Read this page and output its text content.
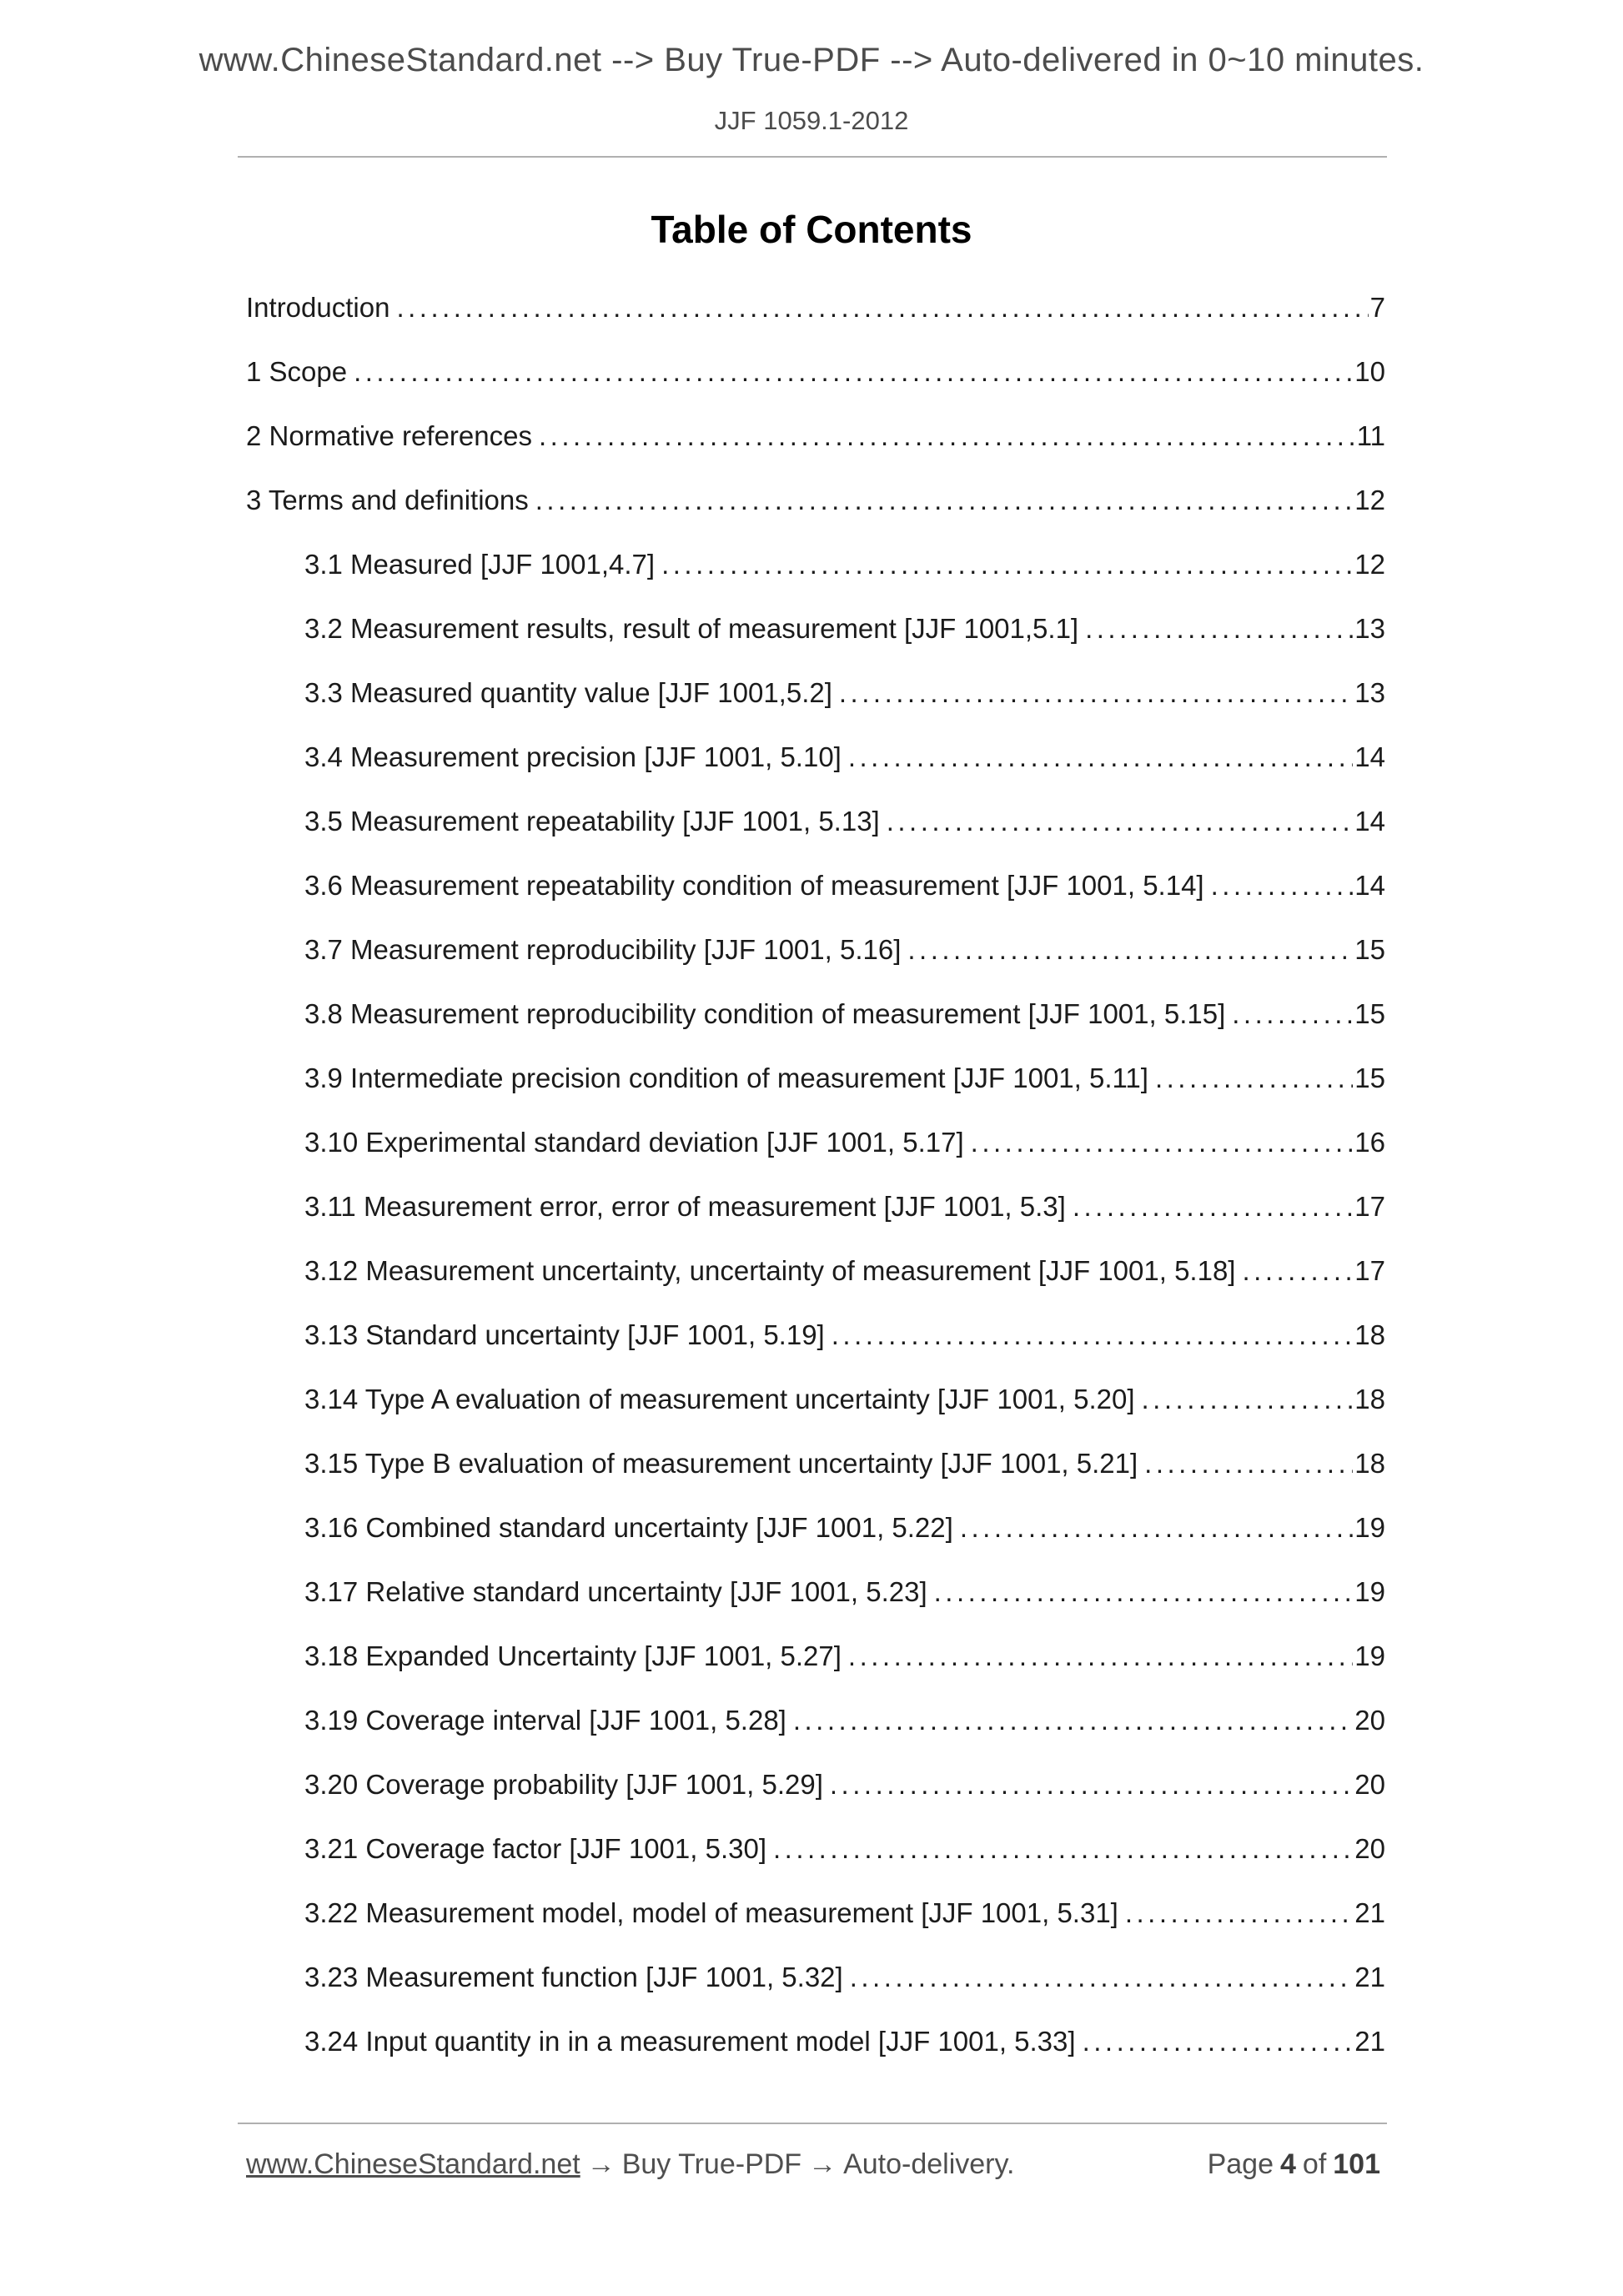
www.ChineseStandard.net --> Buy True-PDF --> Auto-delivered in 0~10 minutes.
JJF 1059.1-2012
Table of Contents
Introduction .....	7
1 Scope .....	10
2 Normative references .....	11
3 Terms and definitions .....	12
3.1 Measured [JJF 1001,4.7] .....	12
3.2 Measurement results, result of measurement [JJF 1001,5.1] .....	13
3.3 Measured quantity value [JJF 1001,5.2] .....	13
3.4 Measurement precision [JJF 1001, 5.10] .....	14
3.5 Measurement repeatability [JJF 1001, 5.13] .....	14
3.6 Measurement repeatability condition of measurement [JJF 1001, 5.14] .....	14
3.7 Measurement reproducibility [JJF 1001, 5.16] .....	15
3.8 Measurement reproducibility condition of measurement [JJF 1001, 5.15] .....	15
3.9 Intermediate precision condition of measurement [JJF 1001, 5.11] .....	15
3.10 Experimental standard deviation [JJF 1001, 5.17] .....	16
3.11 Measurement error, error of measurement [JJF 1001, 5.3] .....	17
3.12 Measurement uncertainty, uncertainty of measurement [JJF 1001, 5.18] .....	17
3.13 Standard uncertainty [JJF 1001, 5.19] .....	18
3.14 Type A evaluation of measurement uncertainty [JJF 1001, 5.20] .....	18
3.15 Type B evaluation of measurement uncertainty [JJF 1001, 5.21] .....	18
3.16 Combined standard uncertainty [JJF 1001, 5.22] .....	19
3.17 Relative standard uncertainty [JJF 1001, 5.23] .....	19
3.18 Expanded Uncertainty [JJF 1001, 5.27] .....	19
3.19 Coverage interval [JJF 1001, 5.28] .....	20
3.20 Coverage probability [JJF 1001, 5.29] .....	20
3.21 Coverage factor [JJF 1001, 5.30] .....	20
3.22 Measurement model, model of measurement [JJF 1001, 5.31] .....	21
3.23 Measurement function [JJF 1001, 5.32] .....	21
3.24 Input quantity in in a measurement model [JJF 1001, 5.33] .....	21
www.ChineseStandard.net → Buy True-PDF → Auto-delivery.	Page 4 of 101
